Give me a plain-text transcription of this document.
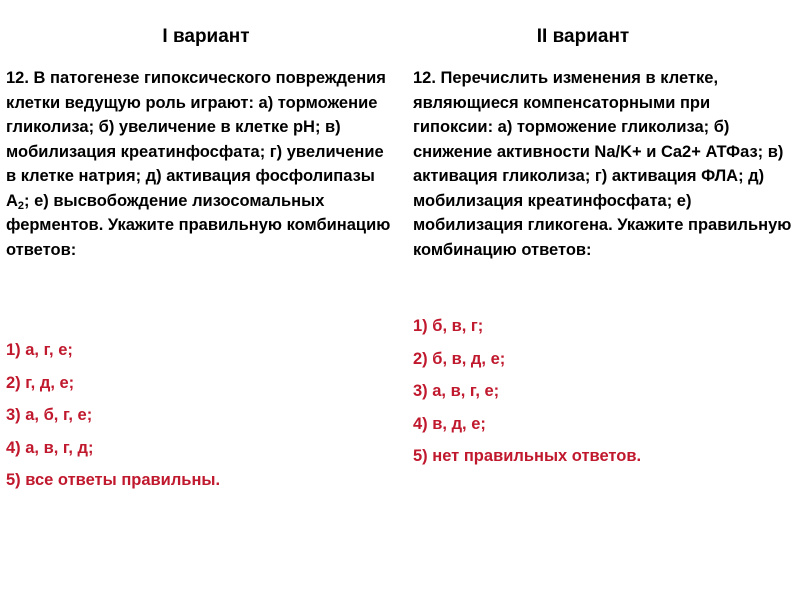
I вариант
12. В патогенезе гипоксического повреждения клетки ведущую роль играют: а) торможение гликолиза; б) увеличение в клетке pH; в) мобилизация креатинфосфата; г) увеличение в клетке натрия; д) активация фосфолипазы $А_2$; е) высвобождение лизосомальных ферментов. Укажите правильную комбинацию ответов:
1) а, г, е;
2) г, д, е;
3) а, б, г, е;
4) а, в, г, д;
5) все ответы правильны.
II вариант
12. Перечислить изменения в клетке, являющиеся компенсаторными при гипоксии: а) торможение гликолиза; б) снижение активности Na/K+ и Ca2+ АТФаз; в) активация гликолиза; г) активация ФЛА; д) мобилизация креатинфосфата; е) мобилизация гликогена. Укажите правильную комбинацию ответов:
1) б, в, г;
2) б, в, д, е;
3) а, в, г, е;
4) в, д, е;
5) нет правильных ответов.
